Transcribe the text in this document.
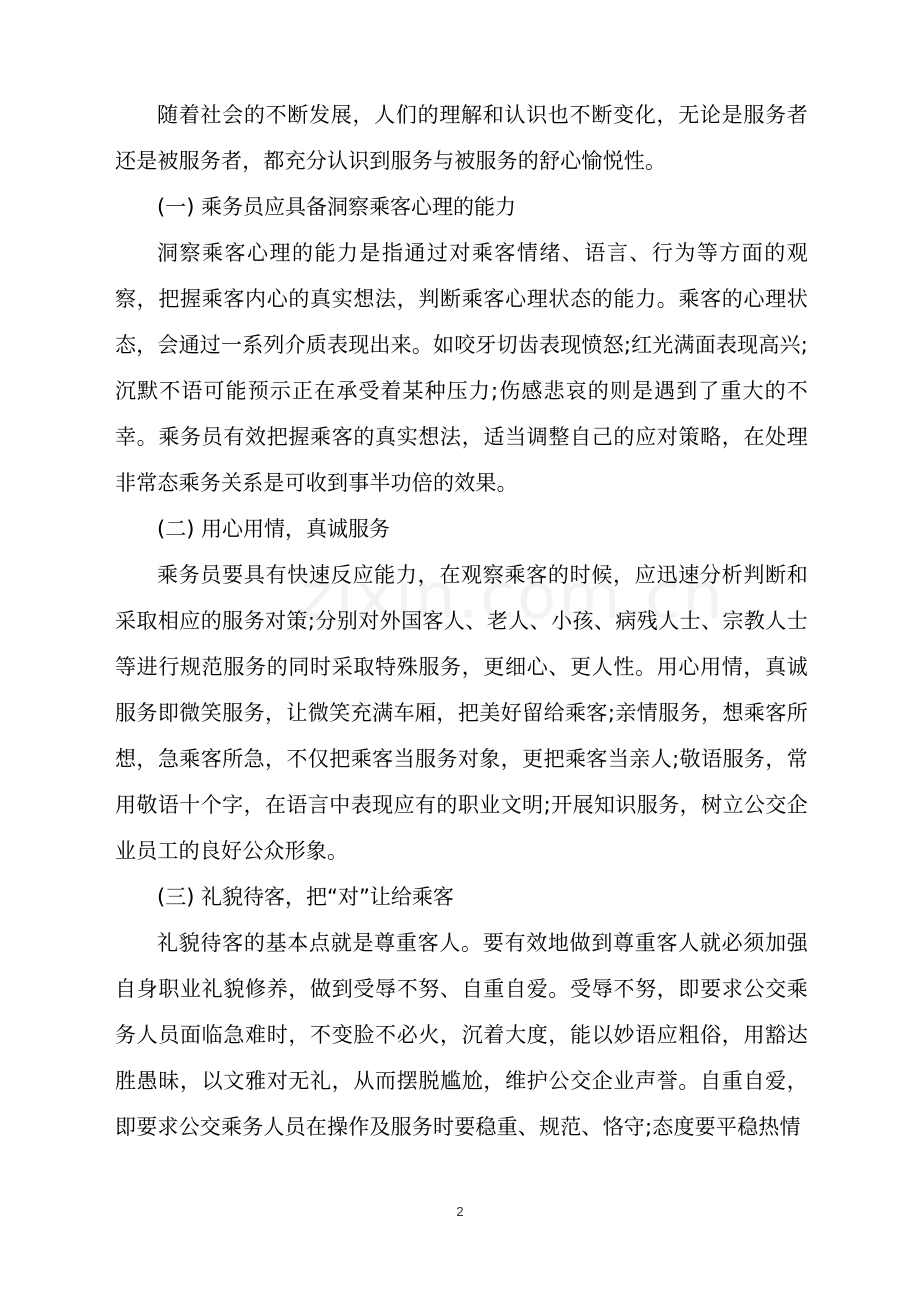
随着社会的不断发展，人们的理解和认识也不断变化，无论是服务者还是被服务者，都充分认识到服务与被服务的舒心愉悦性。

(一) 乘务员应具备洞察乘客心理的能力

洞察乘客心理的能力是指通过对乘客情绪、语言、行为等方面的观察，把握乘客内心的真实想法，判断乘客心理状态的能力。乘客的心理状态，会通过一系列介质表现出来。如咬牙切齿表现愤怒;红光满面表现高兴;沉默不语可能预示正在承受着某种压力;伤感悲哀的则是遇到了重大的不幸。乘务员有效把握乘客的真实想法，适当调整自己的应对策略，在处理非常态乘务关系是可收到事半功倍的效果。

(二) 用心用情，真诚服务

乘务员要具有快速反应能力，在观察乘客的时候，应迅速分析判断和采取相应的服务对策;分别对外国客人、老人、小孩、病残人士、宗教人士等进行规范服务的同时采取特殊服务，更细心、更人性。用心用情，真诚服务即微笑服务，让微笑充满车厢，把美好留给乘客;亲情服务，想乘客所想，急乘客所急，不仅把乘客当服务对象，更把乘客当亲人;敬语服务，常用敬语十个字，在语言中表现应有的职业文明;开展知识服务，树立公交企业员工的良好公众形象。

(三) 礼貌待客，把“对”让给乘客

礼貌待客的基本点就是尊重客人。要有效地做到尊重客人就必须加强自身职业礼貌修养，做到受辱不努、自重自爱。受辱不努，即要求公交乘务人员面临急难时，不变脸不必火，沉着大度，能以妙语应粗俗，用豁达胜愚昧，以文雅对无礼，从而摆脱尴尬，维护公交企业声誉。自重自爱，即要求公交乘务人员在操作及服务时要稳重、规范、恪守;态度要平稳热情

2
